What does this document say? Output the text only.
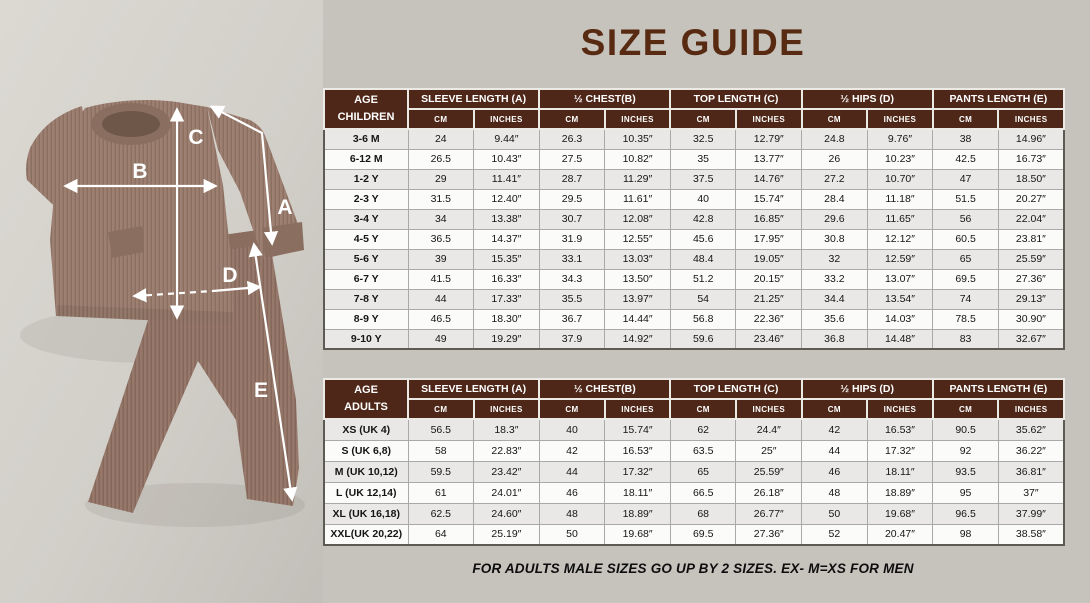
A
B
C
D
E
SIZE GUIDE
AGE
CHILDREN	SLEEVE LENGTH (A)		½ CHEST(B)		TOP LENGTH (C)		½ HIPS (D)		PANTS LENGTH (E)	
	CM	INCHES	CM	INCHES	CM	INCHES	CM	INCHES	CM	INCHES
3-6 M	24	9.44″	26.3	10.35″	32.5	12.79″	24.8	9.76″	38	14.96″
6-12 M	26.5	10.43″	27.5	10.82″	35	13.77″	26	10.23″	42.5	16.73″
1-2 Y	29	11.41″	28.7	11.29″	37.5	14.76″	27.2	10.70″	47	18.50″
2-3 Y	31.5	12.40″	29.5	11.61″	40	15.74″	28.4	11.18″	51.5	20.27″
3-4 Y	34	13.38″	30.7	12.08″	42.8	16.85″	29.6	11.65″	56	22.04″
4-5 Y	36.5	14.37″	31.9	12.55″	45.6	17.95″	30.8	12.12″	60.5	23.81″
5-6 Y	39	15.35″	33.1	13.03″	48.4	19.05″	32	12.59″	65	25.59″
6-7 Y	41.5	16.33″	34.3	13.50″	51.2	20.15″	33.2	13.07″	69.5	27.36″
7-8 Y	44	17.33″	35.5	13.97″	54	21.25″	34.4	13.54″	74	29.13″
8-9 Y	46.5	18.30″	36.7	14.44″	56.8	22.36″	35.6	14.03″	78.5	30.90″
9-10 Y	49	19.29″	37.9	14.92″	59.6	23.46″	36.8	14.48″	83	32.67″
AGE
ADULTS	SLEEVE LENGTH (A)		½ CHEST(B)		TOP LENGTH (C)		½ HIPS (D)		PANTS LENGTH (E)	
	CM	INCHES	CM	INCHES	CM	INCHES	CM	INCHES	CM	INCHES
XS (UK 4)	56.5	18.3″	40	15.74″	62	24.4″	42	16.53″	90.5	35.62″
S (UK 6,8)	58	22.83″	42	16.53″	63.5	25″	44	17.32″	92	36.22″
M (UK 10,12)	59.5	23.42″	44	17.32″	65	25.59″	46	18.11″	93.5	36.81″
L (UK 12,14)	61	24.01″	46	18.11″	66.5	26.18″	48	18.89″	95	37″
XL (UK 16,18)	62.5	24.60″	48	18.89″	68	26.77″	50	19.68″	96.5	37.99″
XXL(UK 20,22)	64	25.19″	50	19.68″	69.5	27.36″	52	20.47″	98	38.58″
FOR ADULTS MALE SIZES GO UP BY 2 SIZES. EX- M=XS FOR MEN
